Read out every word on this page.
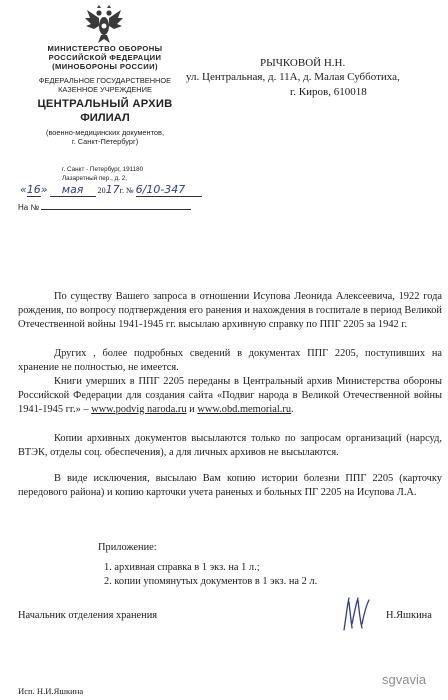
МИНИСТЕРСТВО ОБОРОНЫ
РОССИЙСКОЙ ФЕДЕРАЦИИ
(МИНОБОРОНЫ РОССИИ)
ФЕДЕРАЛЬНОЕ ГОСУДАРСТВЕННОЕ
КАЗЕННОЕ УЧРЕЖДЕНИЕ
ЦЕНТРАЛЬНЫЙ АРХИВ
ФИЛИАЛ
(военно-медицинских документов,
г. Санкт-Петербург)
г. Санкт - Петербург, 191180
Лазаретный пер., д. 2,
«16» мая 2017г. № 6/10-347
На №
РЫЧКОВОЙ Н.Н.
ул. Центральная, д. 11А, д. Малая Субботиха,
г. Киров, 610018

По существу Вашего запроса в отношении Исупова Леонида Алексеевича, 1922 года рождения, по вопросу подтверждения его ранения и нахождения в госпитале в период Великой Отечественной войны 1941-1945 гг. высылаю архивную справку по ППГ 2205 за 1942 г.

Других , более подробных сведений в документах ППГ 2205, поступивших на хранение не полностью, не имеется.

Книги умерших в ППГ 2205 переданы в Центральный архив Министерства обороны Российской Федерации для создания сайта «Подвиг народа в Великой Отечественной войны 1941-1945 гг.» – www.podvig naroda.ru и www.obd.memorial.ru.

Копии архивных документов высылаются только по запросам организаций (нарсуд, ВТЭК, отделы соц. обеспечения), а для личных архивов не высылаются.

В виде исключения, высылаю Вам копию истории болезни ППГ 2205 (карточку передового района) и копию карточки учета раненых и больных ПГ 2205 на Исупова Л.А.

Приложение:
1. архивная справка в 1 экз. на 1 л.;
2. копии упомянутых документов в 1 экз. на 2 л.
Начальник отделения хранения	Н.Яшкина
Исп. Н.И.Яшкина
sgvavia
